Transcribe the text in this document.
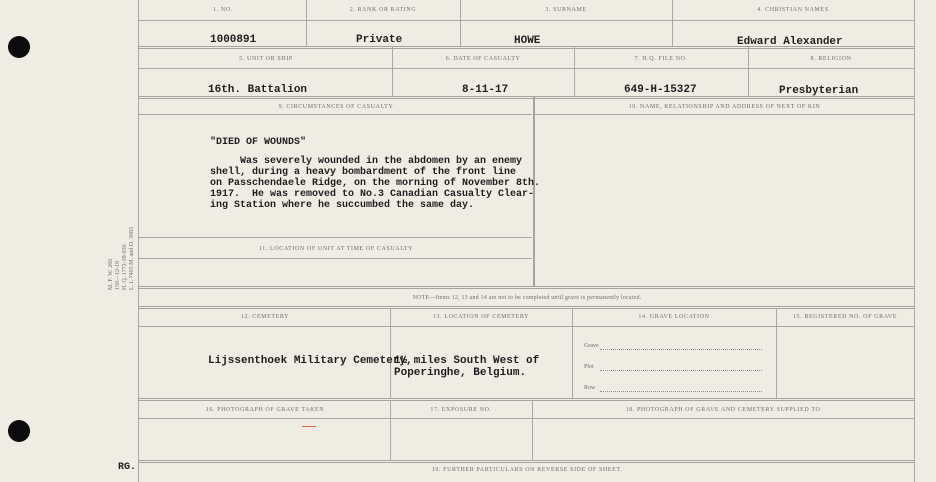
M. F. W. 266 150—12-18 H. Q. 1772-39-936 L. I. 7405 M. and D. 3683
RG.
1. NO.	2. RANK OR RATING	3. SURNAME	4. CHRISTIAN NAMES
1000891	Private	HOWE	Edward Alexander
5. UNIT OR SHIP	6. DATE OF CASUALTY	7. H.Q. FILE NO.	8. RELIGION
16th. Battalion	8-11-17	649-H-15327	Presbyterian
9. CIRCUMSTANCES OF CASUALTY	10. NAME, RELATIONSHIP AND ADDRESS OF NEXT OF KIN
"DIED OF WOUNDS"
Was severely wounded in the abdomen by an enemy
shell, during a heavy bombardment of the front line
on Passchendaele Ridge, on the morning of November 8th.
1917.  He was removed to No.3 Canadian Casualty Clear-
ing Station where he succumbed the same day.
11. LOCATION OF UNIT AT TIME OF CASUALTY
NOTE—Items 12, 13 and 14 are not to be completed until grave is permanently located.
12. CEMETERY	13. LOCATION OF CEMETERY	14. GRAVE LOCATION	15. REGISTERED NO. OF GRAVE
Lijssenthoek Military Cemetery,
1½ miles South West of
Poperinghe, Belgium.
Grave
Plot
Row
16. PHOTOGRAPH OF GRAVE TAKEN	17. EXPOSURE NO.	18. PHOTOGRAPH OF GRAVE AND CEMETERY SUPPLIED TO
19. FURTHER PARTICULARS ON REVERSE SIDE OF SHEET.
